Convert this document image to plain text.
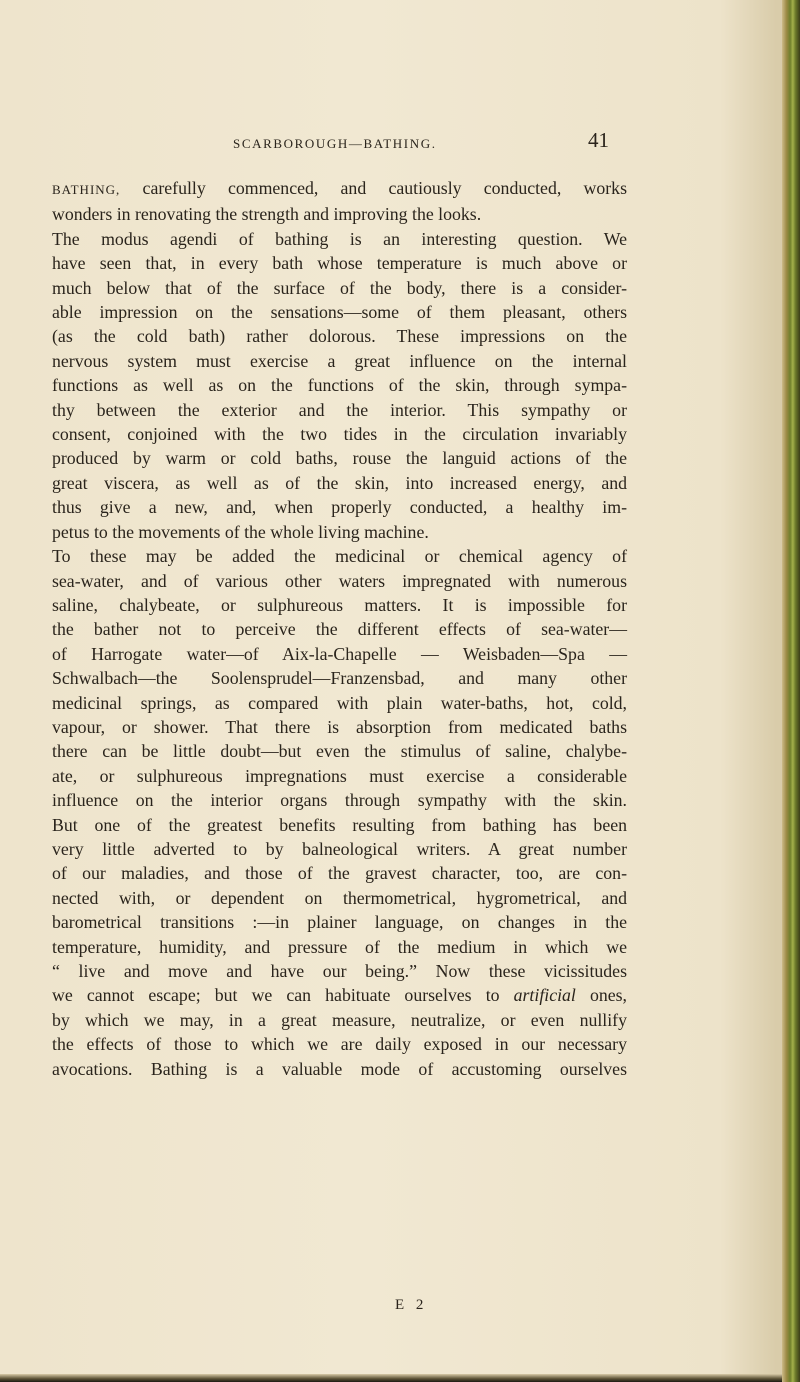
SCARBOROUGH—BATHING.	41
BATHING, carefully commenced, and cautiously conducted, works
wonders in renovating the strength and improving the looks.
The modus agendi of bathing is an interesting question. We
have seen that, in every bath whose temperature is much above or
much below that of the surface of the body, there is a consider-
able impression on the sensations—some of them pleasant, others
(as the cold bath) rather dolorous. These impressions on the
nervous system must exercise a great influence on the internal
functions as well as on the functions of the skin, through sympa-
thy between the exterior and the interior. This sympathy or
consent, conjoined with the two tides in the circulation invariably
produced by warm or cold baths, rouse the languid actions of the
great viscera, as well as of the skin, into increased energy, and
thus give a new, and, when properly conducted, a healthy im-
petus to the movements of the whole living machine.
To these may be added the medicinal or chemical agency of
sea-water, and of various other waters impregnated with numerous
saline, chalybeate, or sulphureous matters. It is impossible for
the bather not to perceive the different effects of sea-water—
of Harrogate water—of Aix-la-Chapelle — Weisbaden—Spa —
Schwalbach—the Soolensprudel—Franzensbad, and many other
medicinal springs, as compared with plain water-baths, hot, cold,
vapour, or shower. That there is absorption from medicated baths
there can be little doubt—but even the stimulus of saline, chalybe-
ate, or sulphureous impregnations must exercise a considerable
influence on the interior organs through sympathy with the skin.
But one of the greatest benefits resulting from bathing has been
very little adverted to by balneological writers. A great number
of our maladies, and those of the gravest character, too, are con-
nected with, or dependent on thermometrical, hygrometrical, and
barometrical transitions :—in plainer language, on changes in the
temperature, humidity, and pressure of the medium in which we
“ live and move and have our being.” Now these vicissitudes
we cannot escape; but we can habituate ourselves to artificial ones,
by which we may, in a great measure, neutralize, or even nullify
the effects of those to which we are daily exposed in our necessary
avocations. Bathing is a valuable mode of accustoming ourselves
E 2
